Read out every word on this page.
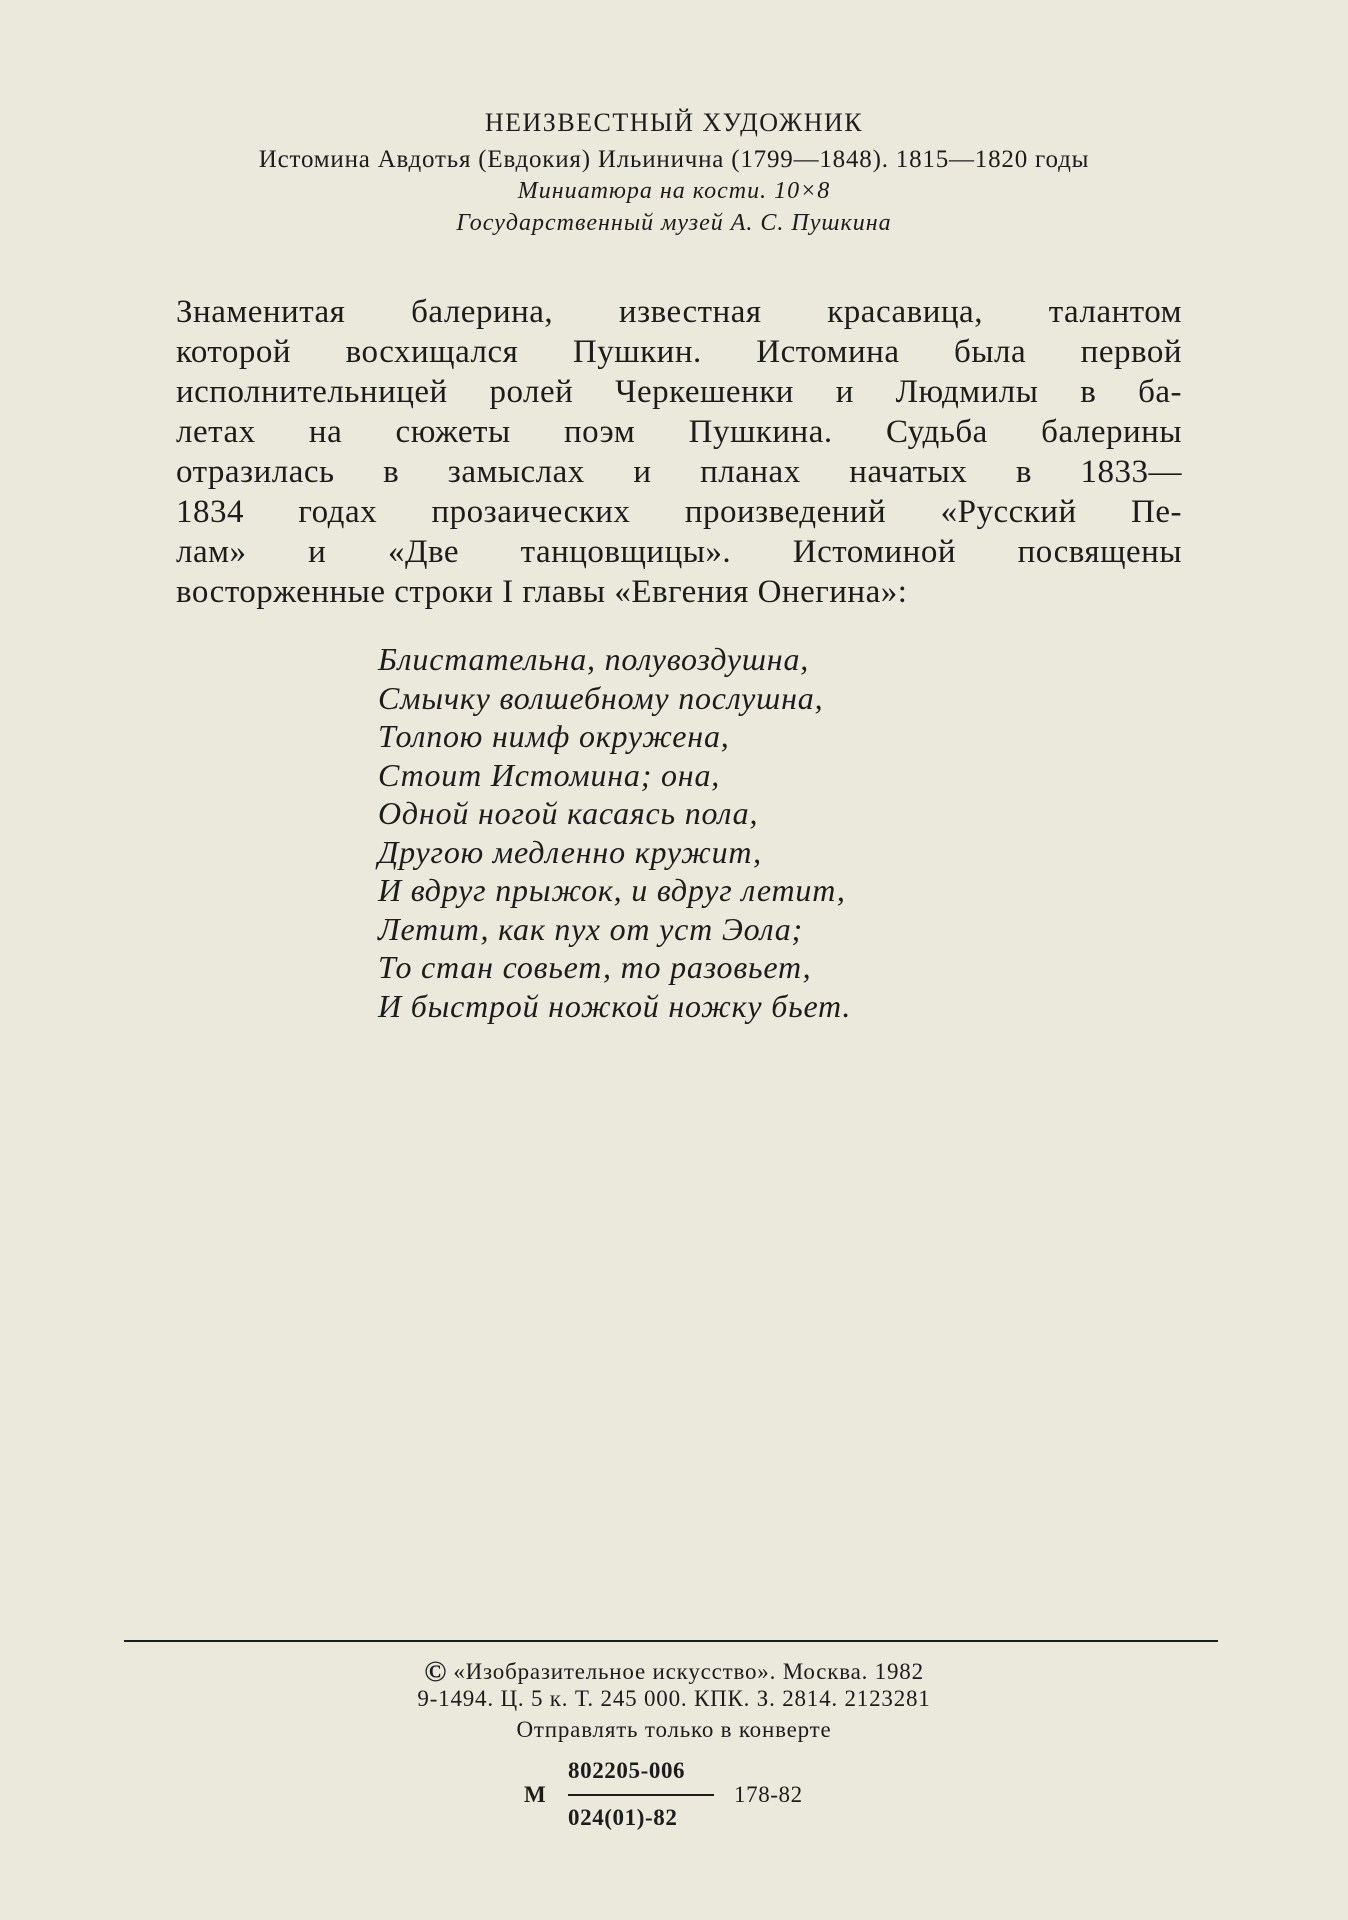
НЕИЗВЕСТНЫЙ ХУДОЖНИК
Истомина Авдотья (Евдокия) Ильинична (1799—1848). 1815—1820 годы
Миниатюра на кости. 10×8
Государственный музей А. С. Пушкина
Знаменитая балерина, известная красавица, талантом
которой восхищался Пушкин. Истомина была первой
исполнительницей ролей Черкешенки и Людмилы в ба-
летах на сюжеты поэм Пушкина. Судьба балерины
отразилась в замыслах и планах начатых в 1833—
1834 годах прозаических произведений «Русский Пе-
лам» и «Две танцовщицы». Истоминой посвящены
восторженные строки I главы «Евгения Онегина»:
Блистательна, полувоздушна,
Смычку волшебному послушна,
Толпою нимф окружена,
Стоит Истомина; она,
Одной ногой касаясь пола,
Другою медленно кружит,
И вдруг прыжок, и вдруг летит,
Летит, как пух от уст Эола;
То стан совьет, то разовьет,
И быстрой ножкой ножку бьет.
© «Изобразительное искусство». Москва. 1982
9-1494. Ц. 5 к. Т. 245 000. КПК. З. 2814. 2123281
Отправлять только в конверте
М
802205-006
024(01)-82
178-82
